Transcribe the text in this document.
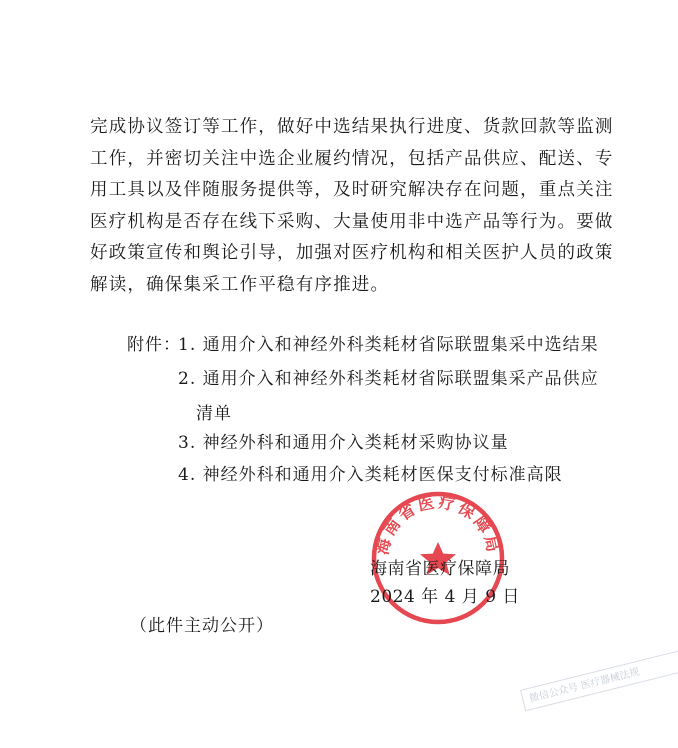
完成协议签订等工作，做好中选结果执行进度、货款回款等监测
工作，并密切关注中选企业履约情况，包括产品供应、配送、专
用工具以及伴随服务提供等，及时研究解决存在问题，重点关注
医疗机构是否存在线下采购、大量使用非中选产品等行为。要做
好政策宣传和舆论引导，加强对医疗机构和相关医护人员的政策
解读，确保集采工作平稳有序推进。
附件：
1. 通用介入和神经外科类耗材省际联盟集采中选结果
2. 通用介入和神经外科类耗材省际联盟集采产品供应
清单
3. 神经外科和通用介入类耗材采购协议量
4. 神经外科和通用介入类耗材医保支付标准高限
海南省医疗保障局
海南省医疗保障局
2024 年 4 月 9 日
（此件主动公开）
微信公众号 医疗器械法规
